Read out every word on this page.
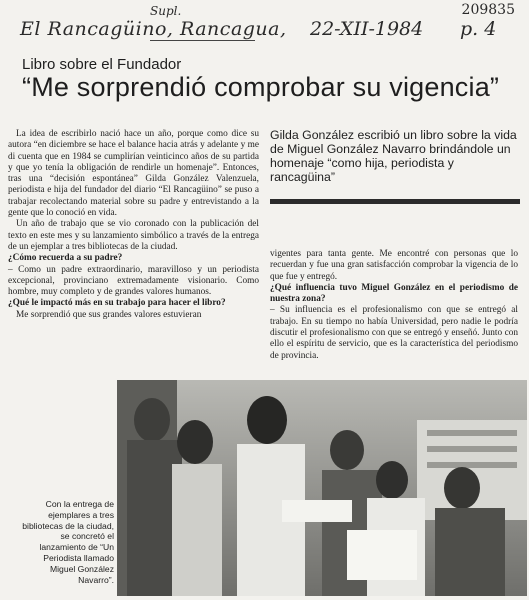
El Rancagüino, Rancagua,
Supl.
22-XII-1984 p. 4
209835
Libro sobre el Fundador
“Me sorprendió comprobar su vigencia”

La idea de escribirlo nació hace un año, porque como dice su autora “en diciembre se hace el balance hacia atrás y adelante y me di cuenta que en 1984 se cumplirían veinticinco años de su partida y que yo tenía la obligación de rendirle un homenaje”. Entonces, tras una “decisión espontánea” Gilda González Valenzuela, periodista e hija del fundador del diario “El Rancagüino” se puso a trabajar recolectando material sobre su padre y entrevistando a la gente que lo conoció en vida.

Un año de trabajo que se vio coronado con la publicación del texto en este mes y su lanzamiento simbólico a través de la entrega de un ejemplar a tres bibliotecas de la ciudad.

¿Cómo recuerda a su padre?

– Como un padre extraordinario, maravilloso y un periodista excepcional, provinciano extremadamente visionario. Como hombre, muy completo y de grandes valores humanos.

¿Qué le impactó más en su trabajo para hacer el libro?

Me sorprendió que sus grandes valores estuvieran

Gilda González escribió un libro sobre la vida de Miguel González Navarro brindándole un homenaje “como hija, periodista y rancagüina”

vigentes para tanta gente. Me encontré con personas que lo recuerdan y fue una gran satisfacción comprobar la vigencia de lo que fue y entregó.

¿Qué influencia tuvo Miguel González en el periodismo de nuestra zona?

– Su influencia es el profesionalismo con que se entregó al trabajo. En su tiempo no había Universidad, pero nadie le podría discutir el profesionalismo con que se entregó y enseñó. Junto con ello el espíritu de servicio, que es la característica del periodismo de provincia.

Con la entrega de ejemplares a tres bibliotecas de la ciudad, se concretó el lanzamiento de “Un Periodista llamado Miguel González Navarro”.
